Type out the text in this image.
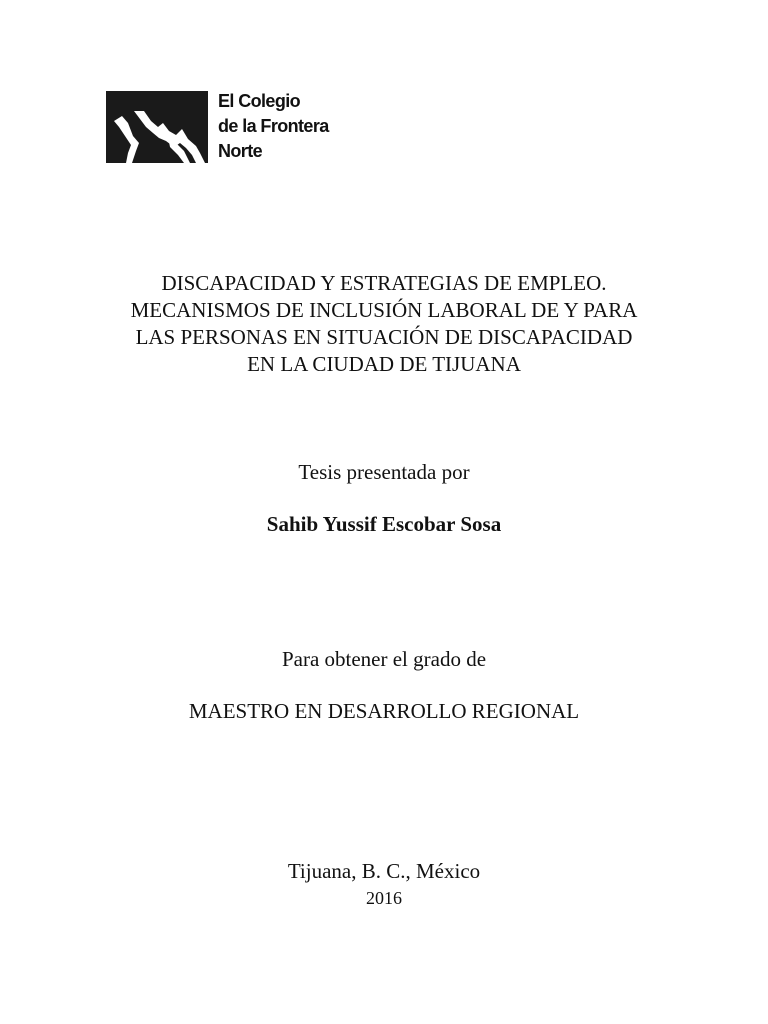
El Colegio
de la Frontera
Norte
DISCAPACIDAD Y ESTRATEGIAS DE EMPLEO.
MECANISMOS DE INCLUSIÓN LABORAL DE Y PARA
LAS PERSONAS EN SITUACIÓN DE DISCAPACIDAD
EN LA CIUDAD DE TIJUANA
Tesis presentada por
Sahib Yussif Escobar Sosa
Para obtener el grado de
MAESTRO EN DESARROLLO REGIONAL
Tijuana, B. C., México
2016
